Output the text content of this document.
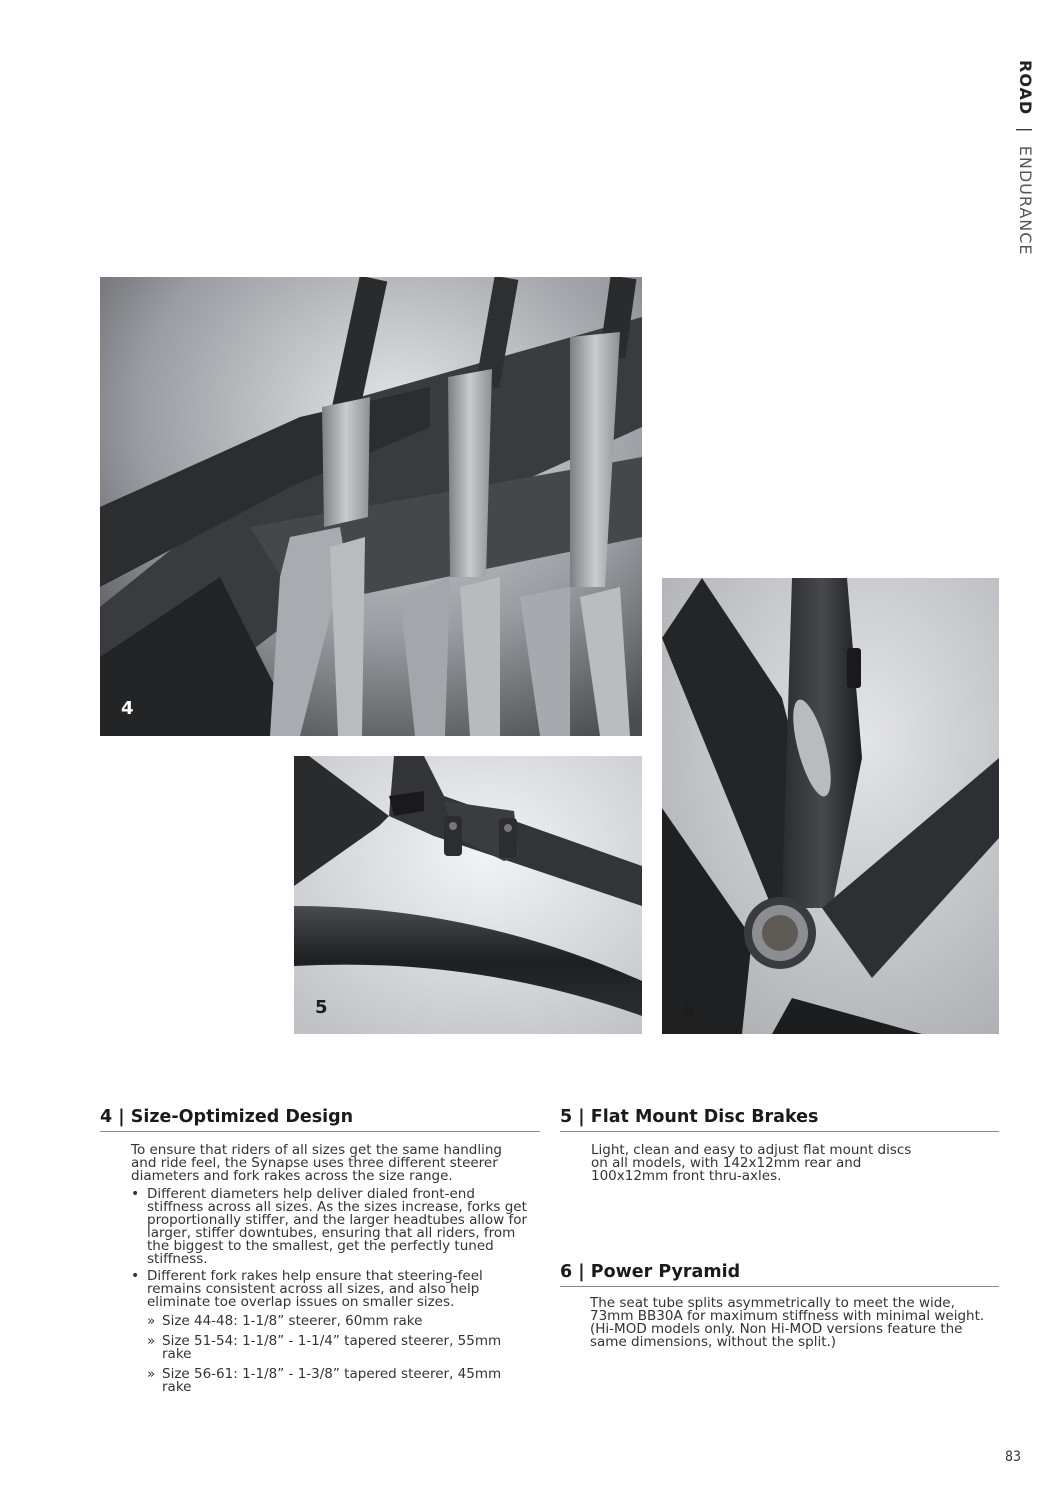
ROAD | ENDURANCE
4
5	6
4 | Size-Optimized Design

To ensure that riders of all sizes get the same handling and ride feel, the Synapse uses three different steerer diameters and fork rakes across the size range.

• Different diameters help deliver dialed front-end stiffness across all sizes. As the sizes increase, forks get proportionally stiffer, and the larger headtubes allow for larger, stiffer downtubes, ensuring that all riders, from the biggest to the smallest, get the perfectly tuned stiffness.
• Different fork rakes help ensure that steering-feel remains consistent across all sizes, and also help eliminate toe overlap issues on smaller sizes.
» Size 44-48: 1-1/8” steerer, 60mm rake
» Size 51-54: 1-1/8” - 1-1/4” tapered steerer, 55mm rake
» Size 56-61: 1-1/8” - 1-3/8” tapered steerer, 45mm rake
5 | Flat Mount Disc Brakes

Light, clean and easy to adjust flat mount discs on all models, with 142x12mm rear and 100x12mm front thru-axles.

6 | Power Pyramid

The seat tube splits asymmetrically to meet the wide, 73mm BB30A for maximum stiffness with minimal weight. (Hi-MOD models only. Non Hi-MOD versions feature the same dimensions, without the split.)

83
